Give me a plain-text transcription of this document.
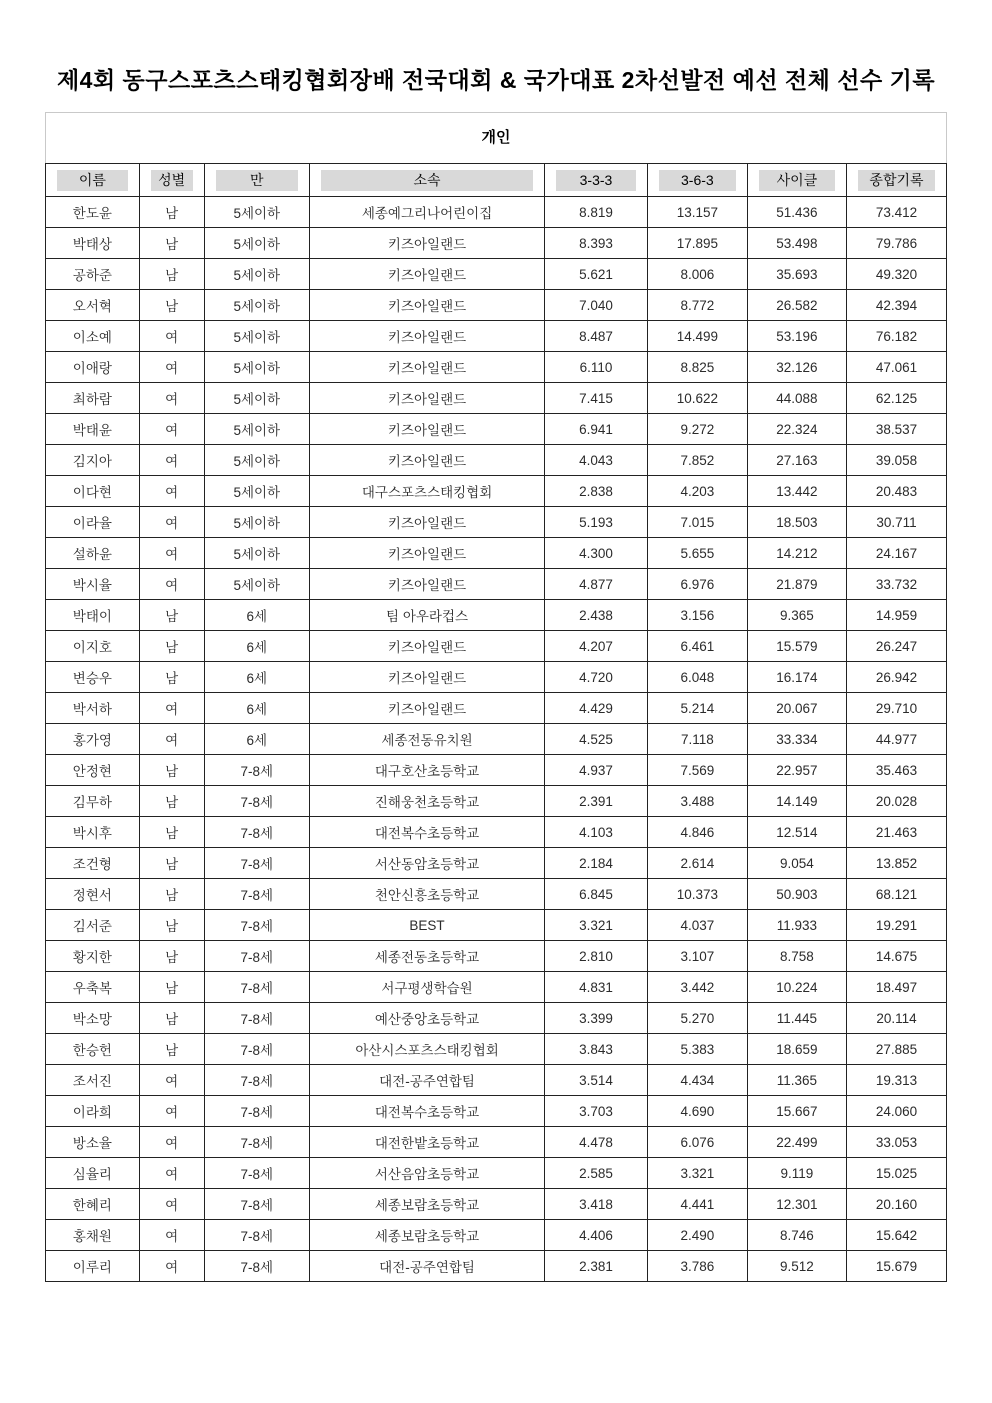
제4회 동구스포츠스태킹협회장배 전국대회 & 국가대표 2차선발전 예선 전체 선수 기록
개인
이름	성별	만	소속	3-3-3	3-6-3	사이클	종합기록

한도윤	남	5세이하	세종예그리나어린이집	8.819	13.157	51.436	73.412
박태상	남	5세이하	키즈아일랜드	8.393	17.895	53.498	79.786
공하준	남	5세이하	키즈아일랜드	5.621	8.006	35.693	49.320
오서혁	남	5세이하	키즈아일랜드	7.040	8.772	26.582	42.394
이소예	여	5세이하	키즈아일랜드	8.487	14.499	53.196	76.182
이애랑	여	5세이하	키즈아일랜드	6.110	8.825	32.126	47.061
최하람	여	5세이하	키즈아일랜드	7.415	10.622	44.088	62.125
박태윤	여	5세이하	키즈아일랜드	6.941	9.272	22.324	38.537
김지아	여	5세이하	키즈아일랜드	4.043	7.852	27.163	39.058
이다현	여	5세이하	대구스포츠스태킹협회	2.838	4.203	13.442	20.483
이라율	여	5세이하	키즈아일랜드	5.193	7.015	18.503	30.711
설하윤	여	5세이하	키즈아일랜드	4.300	5.655	14.212	24.167
박시율	여	5세이하	키즈아일랜드	4.877	6.976	21.879	33.732
박태이	남	6세	팀 아우라컵스	2.438	3.156	9.365	14.959
이지호	남	6세	키즈아일랜드	4.207	6.461	15.579	26.247
변승우	남	6세	키즈아일랜드	4.720	6.048	16.174	26.942
박서하	여	6세	키즈아일랜드	4.429	5.214	20.067	29.710
홍가영	여	6세	세종전동유치원	4.525	7.118	33.334	44.977
안정현	남	7-8세	대구호산초등학교	4.937	7.569	22.957	35.463
김무하	남	7-8세	진해웅천초등학교	2.391	3.488	14.149	20.028
박시후	남	7-8세	대전복수초등학교	4.103	4.846	12.514	21.463
조건형	남	7-8세	서산동암초등학교	2.184	2.614	9.054	13.852
정현서	남	7-8세	천안신흥초등학교	6.845	10.373	50.903	68.121
김서준	남	7-8세	BEST	3.321	4.037	11.933	19.291
황지한	남	7-8세	세종전동초등학교	2.810	3.107	8.758	14.675
우축복	남	7-8세	서구평생학습원	4.831	3.442	10.224	18.497
박소망	남	7-8세	예산중앙초등학교	3.399	5.270	11.445	20.114
한승헌	남	7-8세	아산시스포츠스태킹협회	3.843	5.383	18.659	27.885
조서진	여	7-8세	대전-공주연합팀	3.514	4.434	11.365	19.313
이라희	여	7-8세	대전복수초등학교	3.703	4.690	15.667	24.060
방소율	여	7-8세	대전한밭초등학교	4.478	6.076	22.499	33.053
심율리	여	7-8세	서산음암초등학교	2.585	3.321	9.119	15.025
한혜리	여	7-8세	세종보람초등학교	3.418	4.441	12.301	20.160
홍채원	여	7-8세	세종보람초등학교	4.406	2.490	8.746	15.642
이루리	여	7-8세	대전-공주연합팀	2.381	3.786	9.512	15.679
